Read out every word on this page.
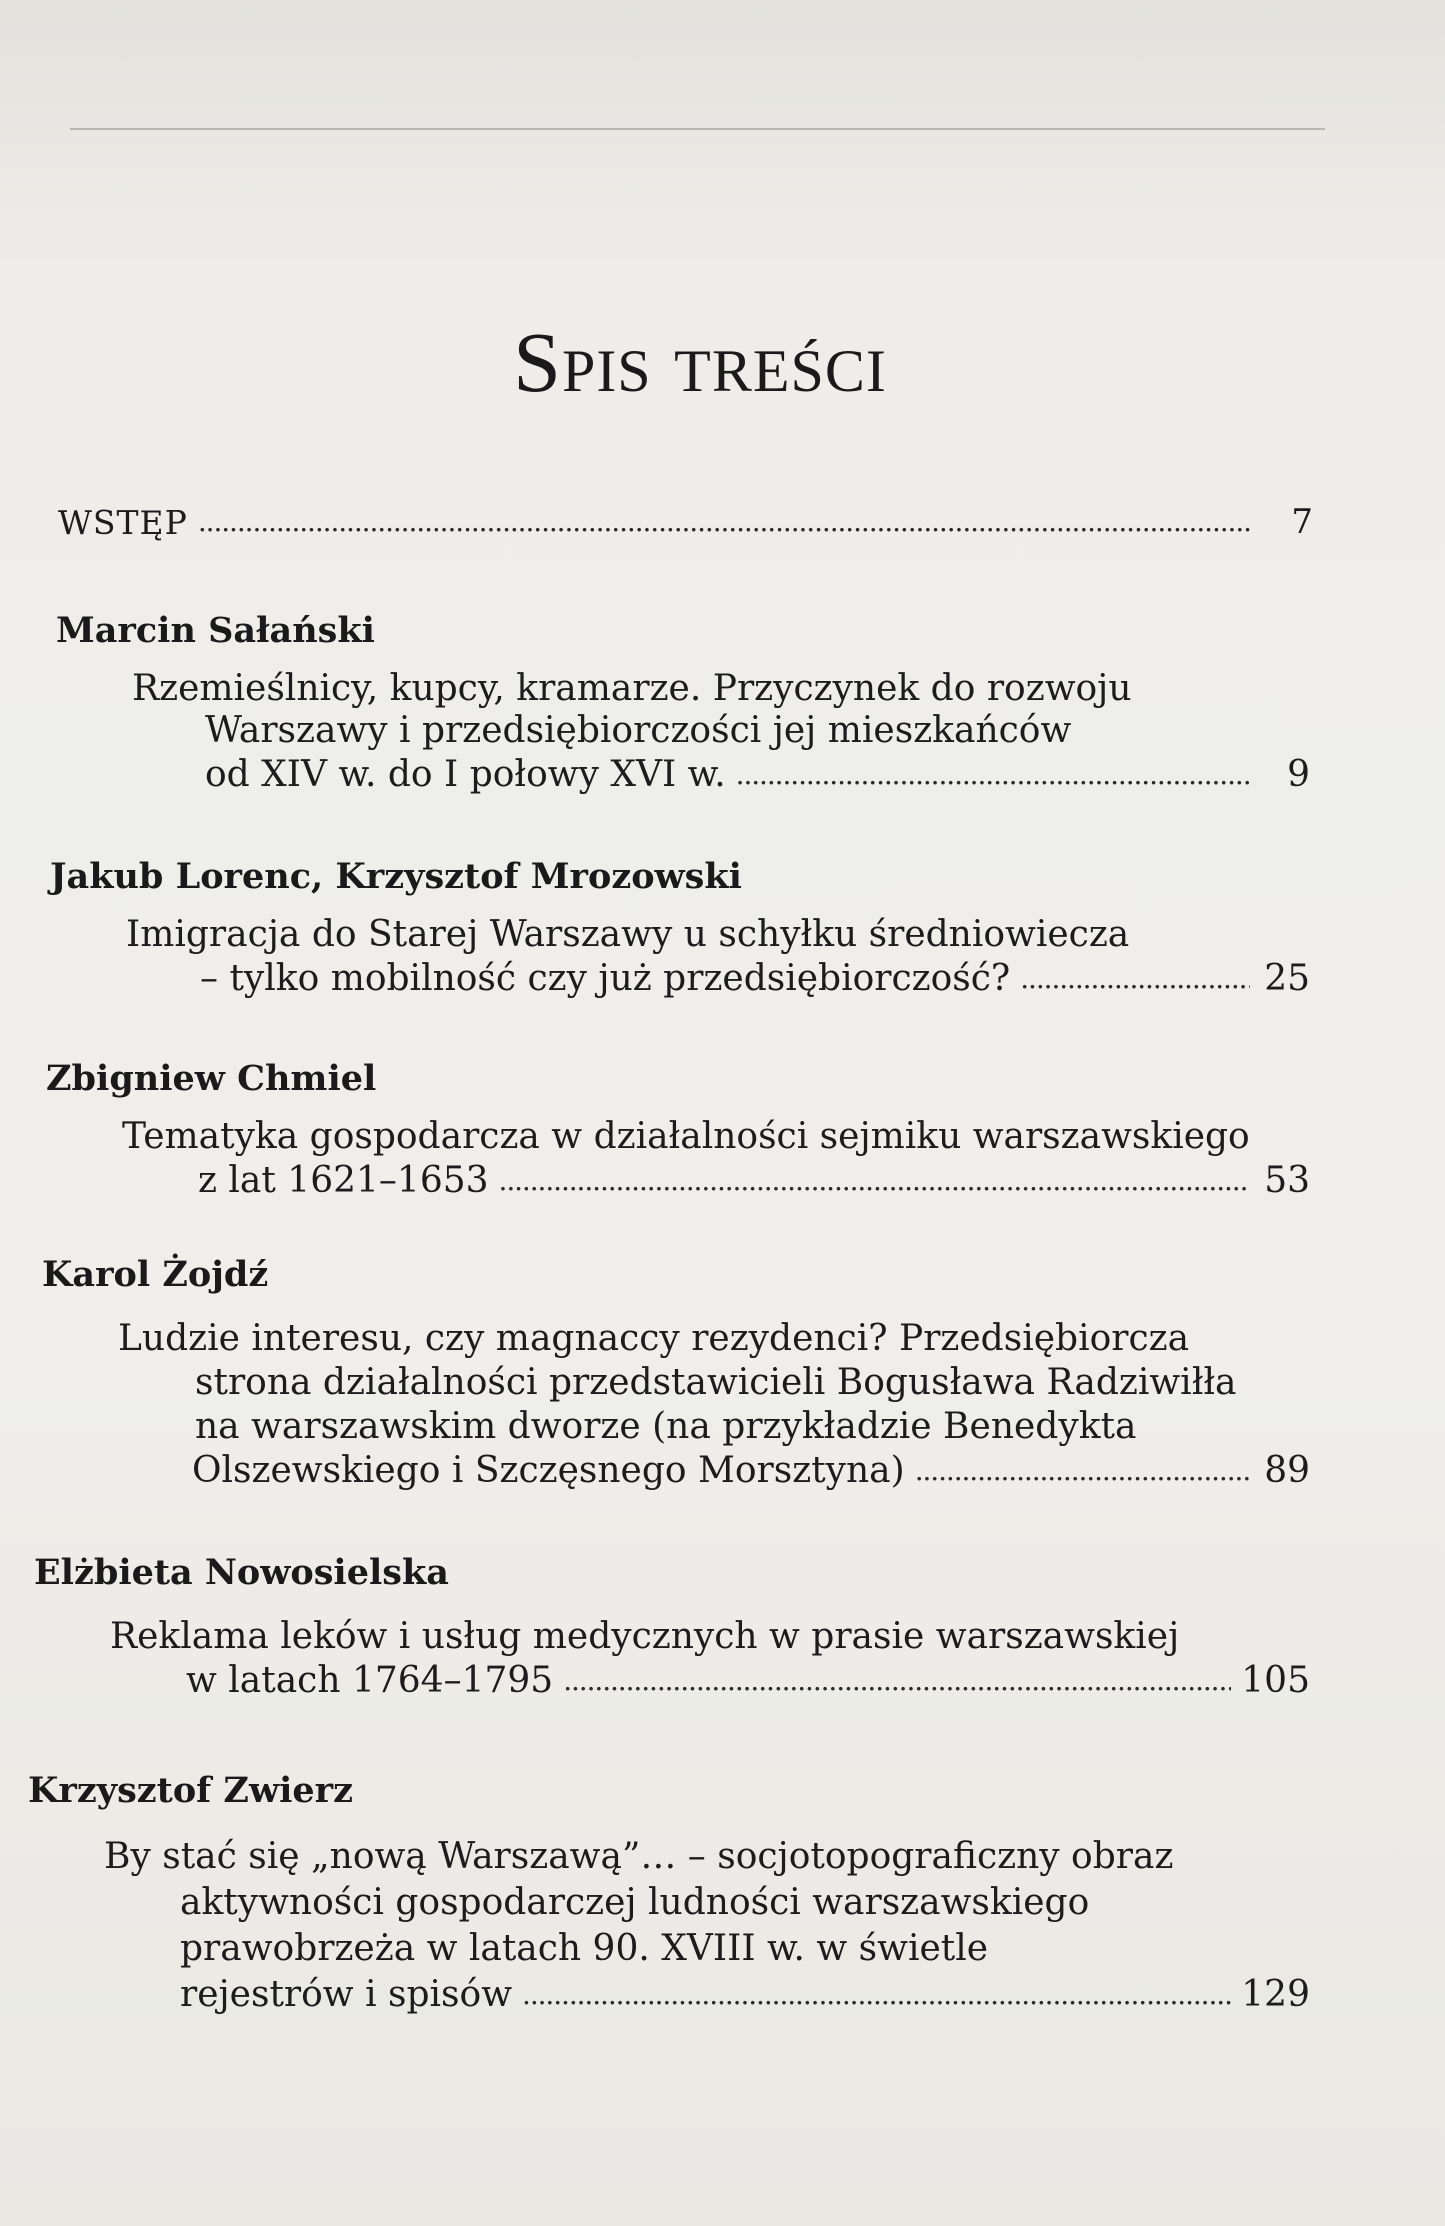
Spis treści
WSTĘP . . .	7
Marcin Sałański
Rzemieślnicy, kupcy, kramarze. Przyczynek do rozwoju
Warszawy i przedsiębiorczości jej mieszkańców
od XIV w. do I połowy XVI w. . . .	9
Jakub Lorenc, Krzysztof Mrozowski
Imigracja do Starej Warszawy u schyłku średniowiecza
– tylko mobilność czy już przedsiębiorczość? . . .	25
Zbigniew Chmiel
Tematyka gospodarcza w działalności sejmiku warszawskiego
z lat 1621–1653 . . .	53
Karol Żojdź
Ludzie interesu, czy magnaccy rezydenci? Przedsiębiorcza
strona działalności przedstawicieli Bogusława Radziwiłła
na warszawskim dworze (na przykładzie Benedykta
Olszewskiego i Szczęsnego Morsztyna) . . .	89
Elżbieta Nowosielska
Reklama leków i usług medycznych w prasie warszawskiej
w latach 1764–1795 . . .	105
Krzysztof Zwierz
By stać się „nową Warszawą”… – socjotopograficzny obraz
aktywności gospodarczej ludności warszawskiego
prawobrzeża w latach 90. XVIII w. w świetle
rejestrów i spisów . . .	129
